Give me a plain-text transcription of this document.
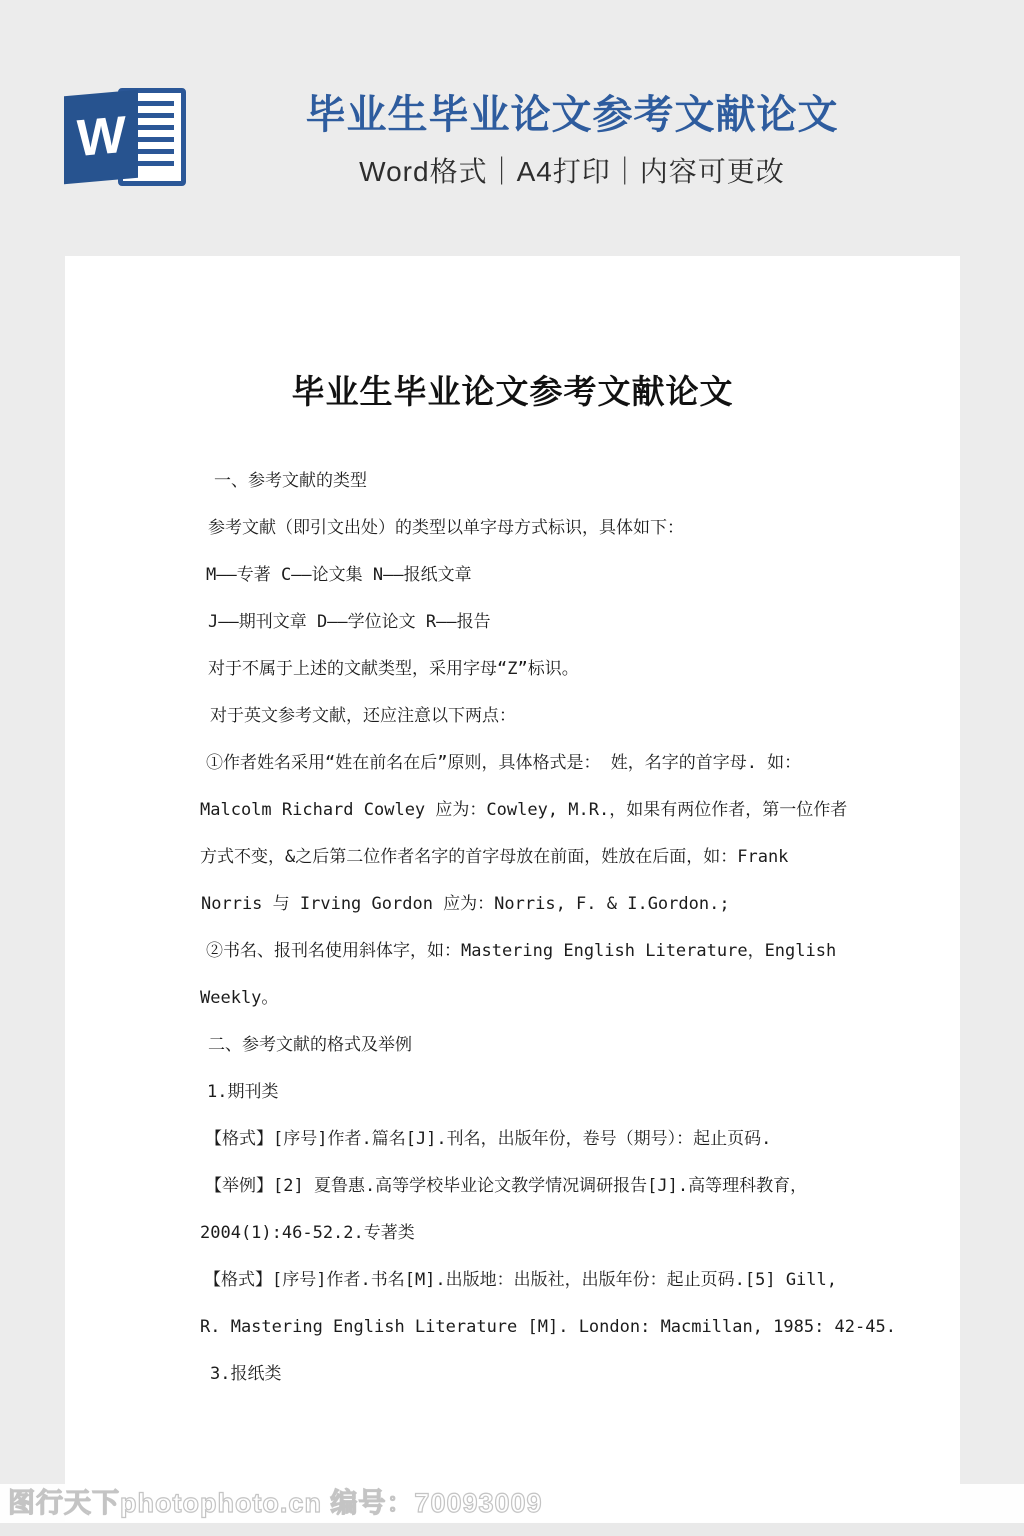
W	毕业生毕业论文参考文献论文
Word格式｜A4打印｜内容可更改
毕业生毕业论文参考文献论文
一、参考文献的类型
参考文献（即引文出处）的类型以单字母方式标识，具体如下：
M——专著 C——论文集 N——报纸文章
J——期刊文章 D——学位论文 R——报告
对于不属于上述的文献类型，采用字母“Z”标识。
对于英文参考文献，还应注意以下两点：
①作者姓名采用“姓在前名在后”原则，具体格式是： 姓，名字的首字母. 如：
Malcolm Richard Cowley 应为：Cowley, M.R.，如果有两位作者，第一位作者
方式不变，&之后第二位作者名字的首字母放在前面，姓放在后面，如：Frank
Norris 与 Irving Gordon 应为：Norris, F. & I.Gordon.;
②书名、报刊名使用斜体字，如：Mastering English Literature，English
Weekly。
二、参考文献的格式及举例
1.期刊类
【格式】[序号]作者.篇名[J].刊名，出版年份，卷号（期号）：起止页码.
【举例】[2] 夏鲁惠.高等学校毕业论文教学情况调研报告[J].高等理科教育，
2004(1):46-52.2.专著类
【格式】[序号]作者.书名[M].出版地：出版社，出版年份：起止页码.[5] Gill,
R. Mastering English Literature [M]. London: Macmillan, 1985: 42-45.
3.报纸类
图行天下photophoto.cn 编号：70093009
